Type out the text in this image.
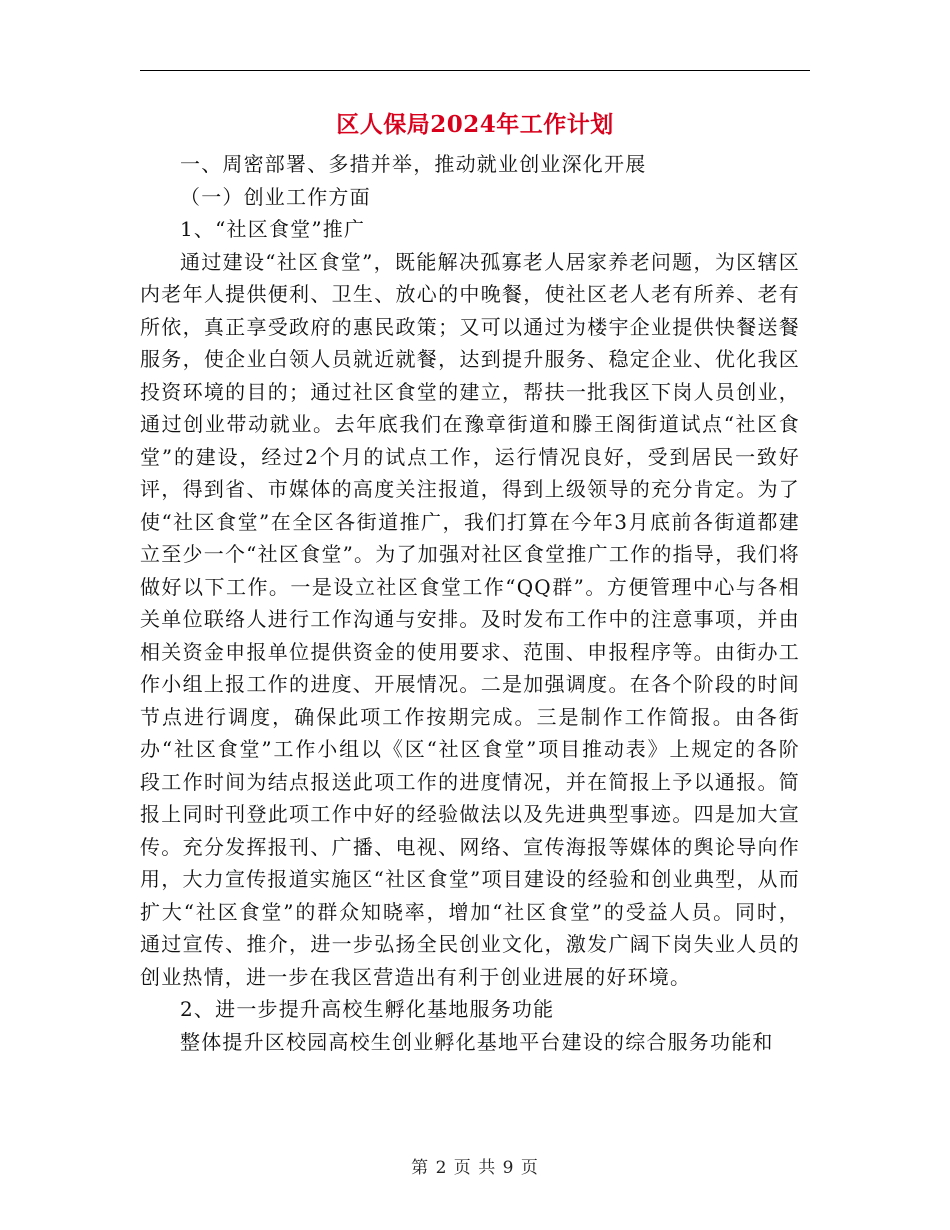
区人保局2024年工作计划

一、周密部署、多措并举，推动就业创业深化开展

（一）创业工作方面

1、“社区食堂”推广

通过建设“社区食堂”，既能解决孤寡老人居家养老问题，为区辖区内老年人提供便利、卫生、放心的中晚餐，使社区老人老有所养、老有所依，真正享受政府的惠民政策；又可以通过为楼宇企业提供快餐送餐服务，使企业白领人员就近就餐，达到提升服务、稳定企业、优化我区投资环境的目的；通过社区食堂的建立，帮扶一批我区下岗人员创业，通过创业带动就业。去年底我们在豫章街道和滕王阁街道试点“社区食堂”的建设，经过2个月的试点工作，运行情况良好，受到居民一致好评，得到省、市媒体的高度关注报道，得到上级领导的充分肯定。为了使“社区食堂”在全区各街道推广，我们打算在今年3月底前各街道都建立至少一个“社区食堂”。为了加强对社区食堂推广工作的指导，我们将做好以下工作。一是设立社区食堂工作“QQ群”。方便管理中心与各相关单位联络人进行工作沟通与安排。及时发布工作中的注意事项，并由相关资金申报单位提供资金的使用要求、范围、申报程序等。由街办工作小组上报工作的进度、开展情况。二是加强调度。在各个阶段的时间节点进行调度，确保此项工作按期完成。三是制作工作简报。由各街办“社区食堂”工作小组以《区“社区食堂”项目推动表》上规定的各阶段工作时间为结点报送此项工作的进度情况，并在简报上予以通报。简报上同时刊登此项工作中好的经验做法以及先进典型事迹。四是加大宣传。充分发挥报刊、广播、电视、网络、宣传海报等媒体的舆论导向作用，大力宣传报道实施区“社区食堂”项目建设的经验和创业典型，从而扩大“社区食堂”的群众知晓率，增加“社区食堂”的受益人员。同时，通过宣传、推介，进一步弘扬全民创业文化，激发广阔下岗失业人员的创业热情，进一步在我区营造出有利于创业进展的好环境。

2、进一步提升高校生孵化基地服务功能

整体提升区校园高校生创业孵化基地平台建设的综合服务功能和

第 2 页 共 9 页
